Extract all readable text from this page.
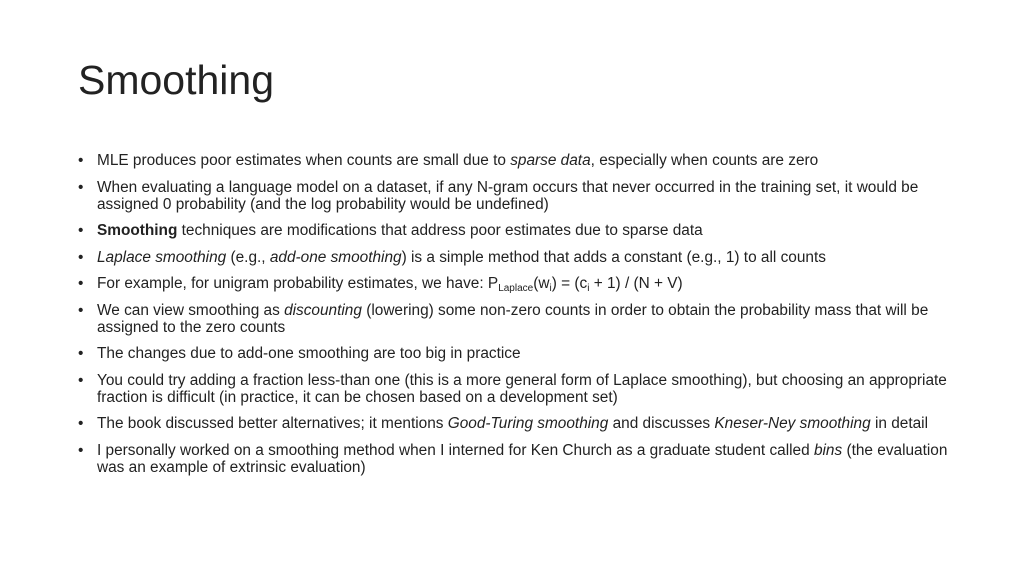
Smoothing
• MLE produces poor estimates when counts are small due to sparse data, especially when counts are zero
• When evaluating a language model on a dataset, if any N-gram occurs that never occurred in the training set, it would be assigned 0 probability (and the log probability would be undefined)
• Smoothing techniques are modifications that address poor estimates due to sparse data
• Laplace smoothing (e.g., add-one smoothing) is a simple method that adds a constant (e.g., 1) to all counts
• For example, for unigram probability estimates, we have: $P_{Laplace}(w_i) = (c_i + 1) / (N + V)$
• We can view smoothing as discounting (lowering) some non-zero counts in order to obtain the probability mass that will be assigned to the zero counts
• The changes due to add-one smoothing are too big in practice
• You could try adding a fraction less-than one (this is a more general form of Laplace smoothing), but choosing an appropriate fraction is difficult (in practice, it can be chosen based on a development set)
• The book discussed better alternatives; it mentions Good-Turing smoothing and discusses Kneser-Ney smoothing in detail
• I personally worked on a smoothing method when I interned for Ken Church as a graduate student called bins (the evaluation was an example of extrinsic evaluation)
